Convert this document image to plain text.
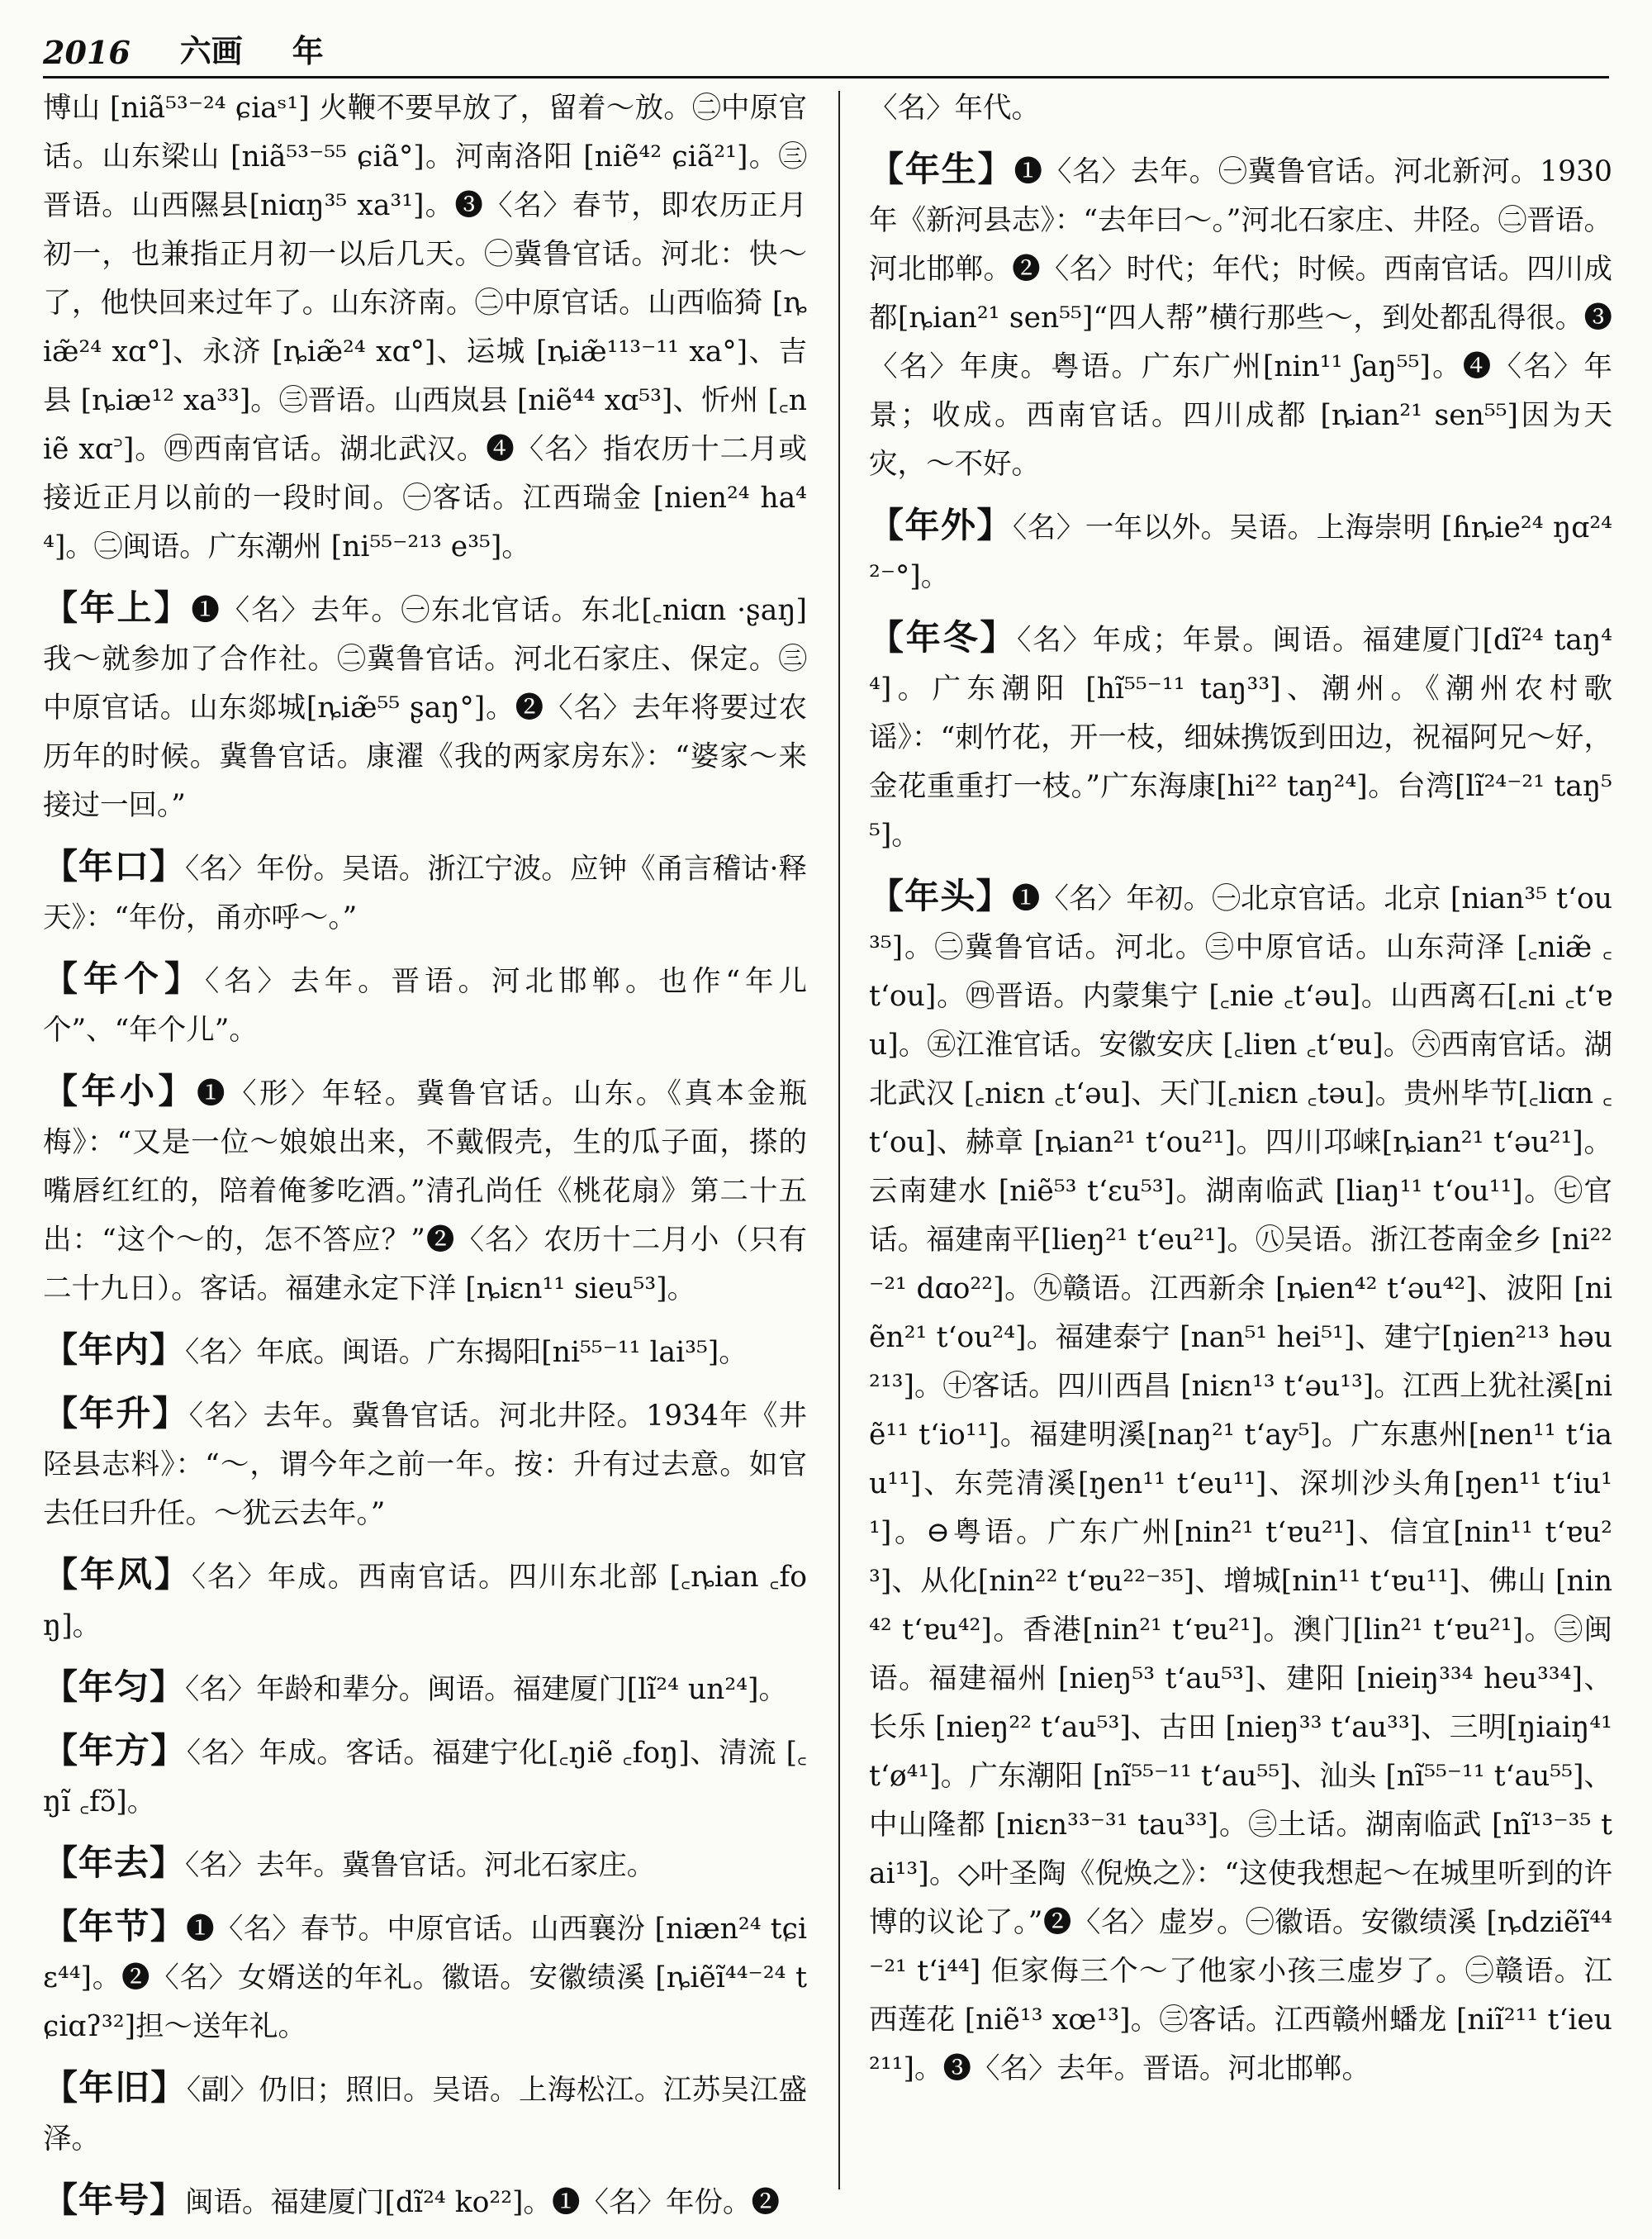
2016 六画 年

博山 [niã⁵³⁻²⁴ ɕiaˢ¹] 火鞭不要早放了，留着～放。㊁中原官话。山东梁山 [niã⁵³⁻⁵⁵ ɕiã°]。河南洛阳 [niẽ⁴² ɕiã²¹]。㊂晋语。山西隰县[niɑŋ³⁵ xa³¹]。❸〈名〉春节，即农历正月初一，也兼指正月初一以后几天。㊀冀鲁官话。河北：快～了，他快回来过年了。山东济南。㊁中原官话。山西临猗 [ȵiæ̃²⁴ xɑ°]、永济 [ȵiæ̃²⁴ xɑ°]、运城 [ȵiæ̃¹¹³⁻¹¹ xa°]、吉县 [ȵiæ¹² xa³³]。㊂晋语。山西岚县 [niẽ⁴⁴ xɑ⁵³]、忻州 [꜀niẽ xɑ꜄]。㊃西南官话。湖北武汉。❹〈名〉指农历十二月或接近正月以前的一段时间。㊀客话。江西瑞金 [nien²⁴ ha⁴⁴]。㊁闽语。广东潮州 [ni⁵⁵⁻²¹³ e³⁵]。

【年上】❶〈名〉去年。㊀东北官话。东北[꜀niɑn ·ʂaŋ] 我～就参加了合作社。㊁冀鲁官话。河北石家庄、保定。㊂中原官话。山东郯城[ȵiæ̃⁵⁵ ʂaŋ°]。❷〈名〉去年将要过农历年的时候。冀鲁官话。康濯《我的两家房东》：“婆家～来接过一回。”

【年口】〈名〉年份。吴语。浙江宁波。应钟《甬言稽诂·释天》：“年份，甬亦呼～。”

【年个】〈名〉去年。晋语。河北邯郸。也作“年儿个”、“年个儿”。

【年小】❶〈形〉年轻。冀鲁官话。山东。《真本金瓶梅》：“又是一位～娘娘出来，不戴假壳，生的瓜子面，搽的嘴唇红红的，陪着俺爹吃酒。”清孔尚任《桃花扇》第二十五出：“这个～的，怎不答应？”❷〈名〉农历十二月小（只有二十九日）。客话。福建永定下洋 [ȵiɛn¹¹ sieu⁵³]。

【年内】〈名〉年底。闽语。广东揭阳[ni⁵⁵⁻¹¹ lai³⁵]。

【年升】〈名〉去年。冀鲁官话。河北井陉。1934年《井陉县志料》：“～，谓今年之前一年。按：升有过去意。如官去任曰升任。～犹云去年。”

【年风】〈名〉年成。西南官话。四川东北部 [꜀ȵian ꜀foŋ]。

【年匀】〈名〉年龄和辈分。闽语。福建厦门[lĩ²⁴ un²⁴]。

【年方】〈名〉年成。客话。福建宁化[꜀ŋiẽ ꜀foŋ]、清流 [꜀ŋĩ ꜀fɔ̃]。

【年去】〈名〉去年。冀鲁官话。河北石家庄。

【年节】❶〈名〉春节。中原官话。山西襄汾 [niæn²⁴ tɕiɛ⁴⁴]。❷〈名〉女婿送的年礼。徽语。安徽绩溪 [ȵiẽĩ⁴⁴⁻²⁴ tɕiɑʔ³²]担～送年礼。

【年旧】〈副〉仍旧；照旧。吴语。上海松江。江苏吴江盛泽。

【年号】闽语。福建厦门[dĩ²⁴ ko²²]。❶〈名〉年份。❷

〈名〉年代。

【年生】❶〈名〉去年。㊀冀鲁官话。河北新河。1930年《新河县志》：“去年曰～。”河北石家庄、井陉。㊁晋语。河北邯郸。❷〈名〉时代；年代；时候。西南官话。四川成都[ȵian²¹ sen⁵⁵]“四人帮”横行那些～，到处都乱得很。❸〈名〉年庚。粤语。广东广州[nin¹¹ ʃaŋ⁵⁵]。❹〈名〉年景；收成。西南官话。四川成都 [ȵian²¹ sen⁵⁵]因为天灾，～不好。

【年外】〈名〉一年以外。吴语。上海崇明 [ɦȵie²⁴ ŋɑ²⁴²⁻°]。

【年冬】〈名〉年成；年景。闽语。福建厦门[dĩ²⁴ taŋ⁴⁴]。广东潮阳 [hĩ⁵⁵⁻¹¹ taŋ³³]、潮州。《潮州农村歌谣》：“刺竹花，开一枝，细妹携饭到田边，祝福阿兄～好，金花重重打一枝。”广东海康[hi²² taŋ²⁴]。台湾[lĩ²⁴⁻²¹ taŋ⁵⁵]。

【年头】❶〈名〉年初。㊀北京官话。北京 [nian³⁵ t‘ou³⁵]。㊁冀鲁官话。河北。㊂中原官话。山东菏泽 [꜀niæ̃ ꜀t‘ou]。㊃晋语。内蒙集宁 [꜀nie ꜀t‘əu]。山西离石[꜀ni ꜀t‘ɐu]。㊄江淮官话。安徽安庆 [꜀liɐn ꜀t‘ɐu]。㊅西南官话。湖北武汉 [꜀niɛn ꜀t‘əu]、天门[꜀niɛn ꜀təu]。贵州毕节[꜀liɑn ꜀t‘ou]、赫章 [ȵian²¹ t‘ou²¹]。四川邛崃[ȵian²¹ t‘əu²¹]。云南建水 [niẽ⁵³ t‘ɛu⁵³]。湖南临武 [liaŋ¹¹ t‘ou¹¹]。㊆官话。福建南平[lieŋ²¹ t‘eu²¹]。㊇吴语。浙江苍南金乡 [ni²²⁻²¹ dɑo²²]。㊈赣语。江西新余 [ȵien⁴² t‘əu⁴²]、波阳 [niẽn²¹ t‘ou²⁴]。福建泰宁 [nan⁵¹ hei⁵¹]、建宁[ŋien²¹³ həu²¹³]。㊉客话。四川西昌 [niɛn¹³ t‘əu¹³]。江西上犹社溪[niẽ¹¹ t‘io¹¹]。福建明溪[naŋ²¹ t‘ay⁵]。广东惠州[nen¹¹ t‘iau¹¹]、东莞清溪[ŋen¹¹ t‘eu¹¹]、深圳沙头角[ŋen¹¹ t‘iu¹¹]。⊖粤语。广东广州[nin²¹ t‘ɐu²¹]、信宜[nin¹¹ t‘ɐu²³]、从化[nin²² t‘ɐu²²⁻³⁵]、增城[nin¹¹ t‘ɐu¹¹]、佛山 [nin⁴² t‘ɐu⁴²]。香港[nin²¹ t‘ɐu²¹]。澳门[lin²¹ t‘ɐu²¹]。㊂闽语。福建福州 [nieŋ⁵³ t‘au⁵³]、建阳 [nieiŋ³³⁴ heu³³⁴]、长乐 [nieŋ²² t‘au⁵³]、古田 [nieŋ³³ t‘au³³]、三明[ŋiaiŋ⁴¹ t‘ø⁴¹]。广东潮阳 [nĩ⁵⁵⁻¹¹ t‘au⁵⁵]、汕头 [nĩ⁵⁵⁻¹¹ t‘au⁵⁵]、中山隆都 [niɛn³³⁻³¹ tau³³]。㊂土话。湖南临武 [nĩ¹³⁻³⁵ tai¹³]。◇叶圣陶《倪焕之》：“这使我想起～在城里听到的许博的议论了。”❷〈名〉虚岁。㊀徽语。安徽绩溪 [ȵdziẽĩ⁴⁴⁻²¹ t‘i⁴⁴] 佢家侮三个～了他家小孩三虚岁了。㊁赣语。江西莲花 [niẽ¹³ xœ¹³]。㊂客话。江西赣州蟠龙 [niĩ²¹¹ t‘ieu²¹¹]。❸〈名〉去年。晋语。河北邯郸。
